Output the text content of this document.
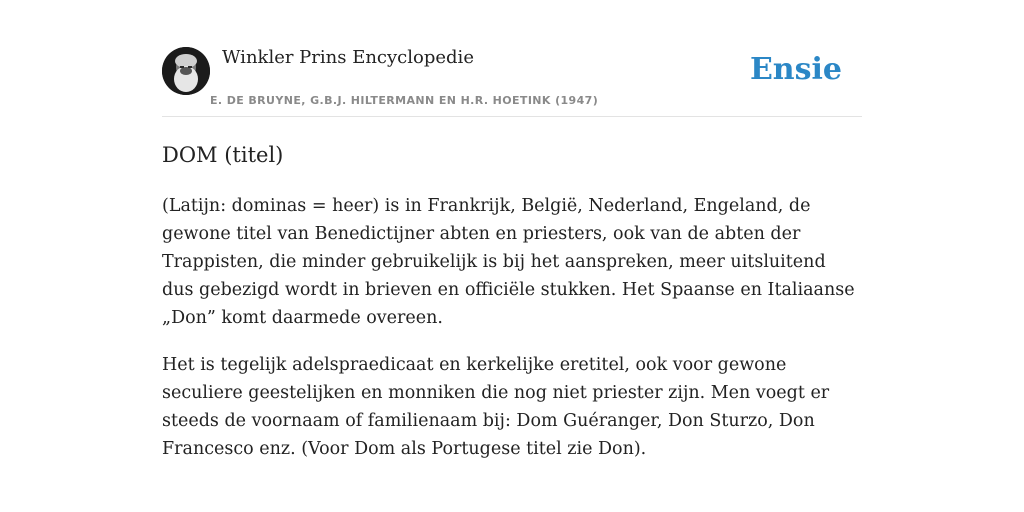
Winkler Prins Encyclopedie
E. DE BRUYNE, G.B.J. HILTERMANN EN H.R. HOETINK (1947)
Ensie
DOM (titel)

(Latijn: dominas = heer) is in Frankrijk, België, Nederland, Engeland, de gewone titel van Benedictijner abten en priesters, ook van de abten der Trappisten, die minder gebruikelijk is bij het aanspreken, meer uitsluitend dus gebezigd wordt in brieven en officiële stukken. Het Spaanse en Italiaanse „Don” komt daarmede overeen.

Het is tegelijk adelspraedicaat en kerkelijke eretitel, ook voor gewone seculiere geestelijken en monniken die nog niet priester zijn. Men voegt er steeds de voornaam of familienaam bij: Dom Guéranger, Don Sturzo, Don Francesco enz. (Voor Dom als Portugese titel zie Don).
